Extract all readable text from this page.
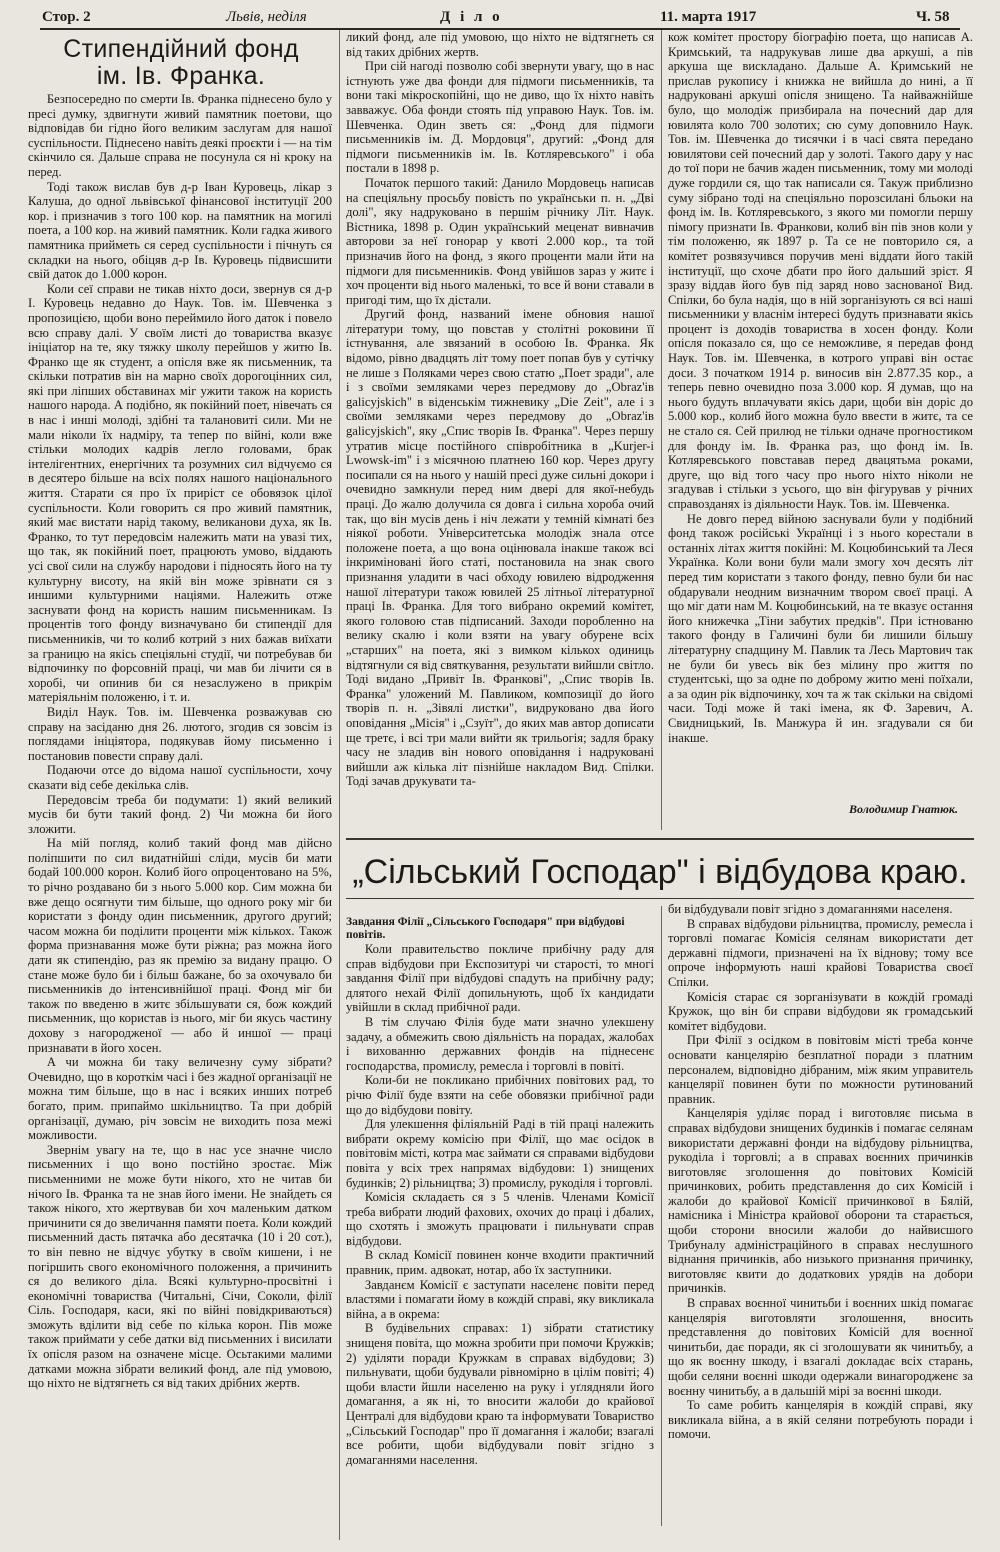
Стор. 2	Львів, неділя	Д і л о	11. марта 1917	Ч. 58
Стипендійний фонд
ім. Ів. Франка.

Безпосередно по смерти Ів. Франка піднесено було у пресі думку, здвигнути живий памятник поетови, що відповідав би гідно його великим заслугам для нашої суспільности. Піднесено навіть деякі проєкти і — на тім скінчило ся. Дальше справа не посунула ся ні кроку на перед.

Тоді також вислав був д-р Іван Куровець, лікар з Калуша, до одної львівської фінансової інституції 200 кор. і призначив з того 100 кор. на памятник на могилі поета, а 100 кор. на живий памятник. Коли гадка живого памятника прийметь ся серед суспільности і пічнуть ся складки на нього, обіцяв д-р Ів. Куровець підвисшити свій даток до 1.000 корон.

Коли сеї справи не тикав ніхто доси, звернув ся д-р І. Куровець недавно до Наук. Тов. ім. Шевченка з пропозицією, щоби воно переймило його даток і повело всю справу далі. У своїм листі до товариства вказує ініціатор на те, яку тяжку школу перейшов у житю Ів. Франко ще як студент, а опісля вже як письменник, та скільки потратив він на марно своїх дорогоцінних сил, які при ліпших обставинах міг ужити також на користь нашого народа. А подібно, як покійний поет, нівечать ся в нас і инші молоді, здібні та талановиті сили. Ми не мали ніколи їх надміру, та тепер по війні, коли вже стільки молодих кадрів легло головами, брак інтелігентних, енергічних та розумних сил відчуємо ся в десятеро більше на всіх полях нашого національного життя. Старати ся про їх приріст се обовязок цілої суспільности. Коли говорить ся про живий памятник, який має вистати нарід такому, великанови духа, як Ів. Франко, то тут передовсім належить мати на увазі тих, що так, як покійний поет, працюють умово, віддають усі свої сили на службу народови і підносять його на ту культурну висоту, на якій він може зрівнати ся з иншими культурними націями. Належить отже заснувати фонд на користь нашим письменникам. Із процентів того фонду визначувано би стипендії для письменників, чи то колиб котрий з них бажав виїхати за границю на якісь спеціяльні студії, чи потребував би відпочинку по форсовній праці, чи мав би лічити ся в хоробі, чи опинив би ся незаслужено в прикрім матеріяльнім положеню, і т. и.

Виділ Наук. Тов. ім. Шевченка розважував сю справу на засіданю дня 26. лютого, згодив ся зовсім із поглядами ініціятора, подякував йому письменно і постановив повести справу далі.

Подаючи отсе до відома нашої суспільности, хочу сказати від себе декілька слів.

Передовсім треба би подумати: 1) який великий мусів би бути такий фонд. 2) Чи можна би його зложити.

На мій погляд, колиб такий фонд мав дійсно поліпшити по сил видатнійші сліди, мусів би мати бодай 100.000 корон. Колиб його опроцентовано на 5%, то річно роздавано би з нього 5.000 кор. Сим можна би вже дещо осягнути тим більше, що одного року міг би користати з фонду один письменник, другого другий; часом можна би поділити проценти між кількох. Також форма признавання може бути ріжна; раз можна його дати як стипендію, раз як премію за видану працю. О стане може було би і більш бажане, бо за охочувало би письменників до інтенсивнійшої праці. Фонд міг би також по введеню в житє збільшувати ся, бож кождий письменник, що користав із нього, міг би якусь частину дохову з нагородженої — або й иншої — праці признавати в його хосен.

А чи можна би таку величезну суму зібрати? Очевидно, що в короткім часі і без жадної організації не можна тим більше, що в нас і всяких инших потреб богато, прим. припаймо шкільництво. Та при добрій організації, думаю, річ зовсім не виходить поза межі можливости.

Звернім увагу на те, що в нас усе значне число письменних і що воно постійно зростає. Між письменними не може бути нікого, хто не читав би нічого Ів. Франка та не знав його імени. Не знайдеть ся також нікого, хто жертвував би хоч маленьким датком причинити ся до звеличання памяти поета. Коли кождий письменний дасть пятачка або десятачка (10 і 20 сот.), то він певно не відчує убутку в своїм кишени, і не погіршить свого економічного положення, а причинить ся до великого діла. Всякі культурно-просвітні і економічні товариства (Читальні, Січи, Соколи, філії Сіль. Господаря, каси, які по війні повідкриваються) зможуть вділити від себе по кілька корон. Пів може також приймати у себе датки від письменних і висилати їх опісля разом на означене місце. Осьтакими малими датками можна зібрати великий фонд, але під умовою, що ніхто не відтягнеть ся від таких дрібних жертв.

ликий фонд, але під умовою, що ніхто не відтягнеть ся від таких дрібних жертв.

При сій нагоді позволю собі звернути увагу, що в нас істнують уже два фонди для підмоги письменників, та вони такі мікроскопійні, що не диво, що їх ніхто навіть завважує. Оба фонди стоять під управою Наук. Тов. ім. Шевченка. Один зветь ся: „Фонд для підмоги письменників ім. Д. Мордовця", другий: „Фонд для підмоги письменників ім. Ів. Котляревського" і оба постали в 1898 р.

Початок першого такий: Данило Мордовець написав на спеціяльну просьбу повість по українськи п. н. „Дві долі", яку надруковано в першім річнику Літ. Наук. Вістника, 1898 р. Один український меценат вивначив авторови за неї гонорар у квоті 2.000 кор., та той призначив його на фонд, з якого проценти мали йти на підмоги для письменників. Фонд увійшов зараз у житє і хоч проценти від нього маленькі, то все й вони ставали в пригоді тим, що їх дістали.

Другий фонд, названий імене обновия нашої літератури тому, що повстав у столітні роковини її істнування, але звязаний в особою Ів. Франка. Як відомо, рівно двадцять літ тому поет попав був у сутічку не лише з Поляками через свою статю „Поет зради", але і з своїми земляками через передмову до „Obraz'ів galicyjskich" в віденськім тижневику „Die Zeit", але і з своїми земляками через передмову до „Obraz'ів galicyjskich", яку „Спис творів Ів. Франка". Через першу утратив місце постійного співробітника в „Kurjer-і Lwowsk-im" і з місячною платнею 160 кор. Через другу посипали ся на нього у нашій пресі дуже сильні докори і очевидно замкнули перед ним двері для якої-небудь праці. До жалю долучила ся довга і сильна хороба очий так, що він мусів день і ніч лежати у темній кімнаті без ніякої роботи. Університетська молодіж знала отсе положене поета, а що вона оцінювала інакше також всі інкриміновані його статі, постановила на знак свого признання уладити в часі обходу ювилею відродження нашої літератури також ювилей 25 літньої літературної праці Ів. Франка. Для того вибрано окремий комітет, якого головою став підписаний. Заходи поробленно на велику скалю і коли взяти на увагу обурене всіх „старших" на поета, які з вимком кількох одиниць відтягнули ся від святкування, результати вийшли світло. Тоді видано „Привіт Ів. Франкові", „Спис творів Ів. Франка" уложений М. Павликом, композиції до його творів п. н. „Зівялі листки", видруковано два його оповідання „Місія" і „Сзуїт", до яких мав автор дописати ще третє, і всі три мали вийти як трильогія; задля браку часу не зладив він нового оповідання і надруковані вийшли аж кілька літ пізнійше накладом Вид. Спілки. Тоді зачав друкувати та-

кож комітет простору біографію поета, що написав А. Кримський, та надрукував лише два аркуші, а пів аркуша ще вискладано. Дальше А. Кримський не прислав рукопису і книжка не вийшла до нині, а її надруковані аркуші опісля знищено. Та найважнійше було, що молодіж призбирала на почесний дар для ювилята коло 700 золотих; сю суму доповнило Наук. Тов. ім. Шевченка до тисячки і в часі свята передано ювилятови сей почесний дар у золоті. Такого дару у нас до тої пори не бачив жаден письменник, тому ми молоді дуже гордили ся, що так написали ся. Такуж приблизно суму зібрано тоді на спеціяльно порозсилані бльоки на фонд ім. Ів. Котляревського, з якого ми помогли першу пімогу признати Ів. Франкови, колиб він пів знов коли у тім положеню, як 1897 р. Та се не повторило ся, а комітет розвязучився поручив мені віддати його такій інституції, що схоче дбати про його дальший зріст. Я зразу віддав його був під заряд ново заснованої Вид. Спілки, бо була надія, що в ній зорганізують ся всі наші письменники у власнім інтересі будуть признавати якісь процент із доходів товариства в хосен фонду. Коли опісля показало ся, що се неможливе, я передав фонд Наук. Тов. ім. Шевченка, в котрого управі він остає доси. З початком 1914 р. виносив він 2.877.35 кор., а теперь певно очевидно поза 3.000 кор. Я думав, що на нього будуть вплачувати якісь дари, щоби він доріс до 5.000 кор., колиб його можна було ввести в житє, та се не стало ся. Сей прилюд не тільки одначе прогностиком для фонду ім. Ів. Франка раз, що фонд ім. Ів. Котляревського повставав перед двацятьма роками, друге, що від того часу про нього ніхто ніколи не згадував і стільки з усього, що він фігурував у річних справозданях із діяльности Наук. Тов. ім. Шевченка.

Не довго перед війною заснували були у подібний фонд також російські Українці і з нього корестали в останніх літах життя покійні: М. Коцюбинський та Леся Українка. Коли вони були мали змогу хоч десять літ перед тим користати з такого фонду, певно були би нас обдарували неодним визначним твором своєї праці. А що міг дати нам М. Коцюбинський, на те вказує остання його книжечка „Тіни забутих предків". При істнованю такого фонду в Галичині були би лишили більшу літературну спадщину М. Павлик та Лесь Мартович так не були би увесь вік без мілину про життя по студентські, що за одне по доброму житю мені поїхали, а за один рік відпочинку, хоч та ж так скільки на свідомі часи. Тоді може й такі імена, як Ф. Заревич, А. Свидницький, Ів. Манжура й ин. згадували ся би інакше.

Володимир Гнатюк.
„Сільський Господар" і відбудова краю.

Завдання Філії „Сільського Господаря" при відбудові повітів.

Коли правительство покличе прибічну раду для справ відбудови при Експозитурі чи старості, то многі завдання Філії при відбудові спадуть на прибічну раду; длятого нехай Філії допильнують, щоб їх кандидати увійшли в склад прибічної ради.

В тім случаю Філія буде мати значно улекшену задачу, а обмежить свою діяльність на порадах, жалобах і вихованню державних фондів на піднесенє господарства, промислу, ремесла і торговлі в повіті.

Коли-би не покликано прибічних повітових рад, то річю Філії буде взяти на себе обовязки прибічної ради що до відбудови повіту.

Для улекшення філіяльній Раді в тій праці належить вибрати окрему комісію при Філії, що має осідок в повітовім місті, котра має займати ся справами відбудови повіта у всіх трех напрямах відбудови: 1) знищених будинків; 2) рільництва; 3) промислу, рукоділя і торговлі.

Комісія складаєть ся з 5 членів. Членами Комісії треба вибрати людий фахових, охочих до праці і дбалих, що схотять і зможуть працювати і пильнувати справ відбудови.

В склад Комісії повинен конче входити практичний правник, прим. адвокат, нотар, або їх заступники.

Завданєм Комісії є заступати населенє повіти перед властями і помагати йому в кождій справі, яку викликала війна, а в окрема:

В будівельних справах: 1) зібрати статистику знищеня повіта, що можна зробити при помочи Кружків; 2) уділяти поради Кружкам в справах відбудови; 3) пильнувати, щоби будували рівномірно в цілім повіті; 4) щоби власти йшли населеню на руку і уґлядняли його домагання, а як ні, то вносити жалоби до крайової Централі для відбудови краю та інформувати Товариство „Сільський Господар" про її домагання і жалоби; взагалі все робити, щоби відбудували повіт згідно з домаганнями населення.

би відбудували повіт згідно з домаганнями населеня.

В справах відбудови рільництва, промислу, ремесла і торговлі помагає Комісія селянам використати дет державні підмоги, призначені на їх віднову; тому все опроче інформують наші крайові Товариства своєї Спілки.

Комісія старає ся зорганізувати в кождій громаді Кружок, що він би справи відбудови як громадський комітет відбудови.

При Філії з осідком в повітовім місті треба конче основати канцелярію безплатної поради з платним персоналем, відповідно дібраним, між яким управитель канцелярії повинен бути по можности рутинований правник.

Канцелярія уділяє порад і виготовляє письма в справах відбудови знищених будинків і помагає селянам використати державні фонди на відбудову рільництва, рукоділа і торговлі; а в справах воєнних причинків виготовляє зголошення до повітових Комісій причинкових, робить представлення до сих Комісій і жалоби до крайової Комісії причинкової в Бялій, намісника і Міністра крайової оборони та старається, щоби сторони вносили жалоби до найвисшого Трибуналу адміністраційного в справах неслушного віднання причинків, або низького признання причинку, виготовляє квити до додаткових урядів на добори причинків.

В справах воєнної чинитьби і воєнних шкід помагає канцелярія виготовляти зголошення, вносить представлення до повітових Комісій для воєнної чинитьби, дає поради, як сі зголошувати як чинитьбу, а що як воєнну шкоду, і взагалі докладає всіх старань, щоби селяни воєнні шкоди одержали винагородженє за воєнну чинитьбу, а в дальшій мірі за воєнні шкоди.

То саме робить канцелярія в кождій справі, яку викликала війна, а в якій селяни потребують поради і помочи.
